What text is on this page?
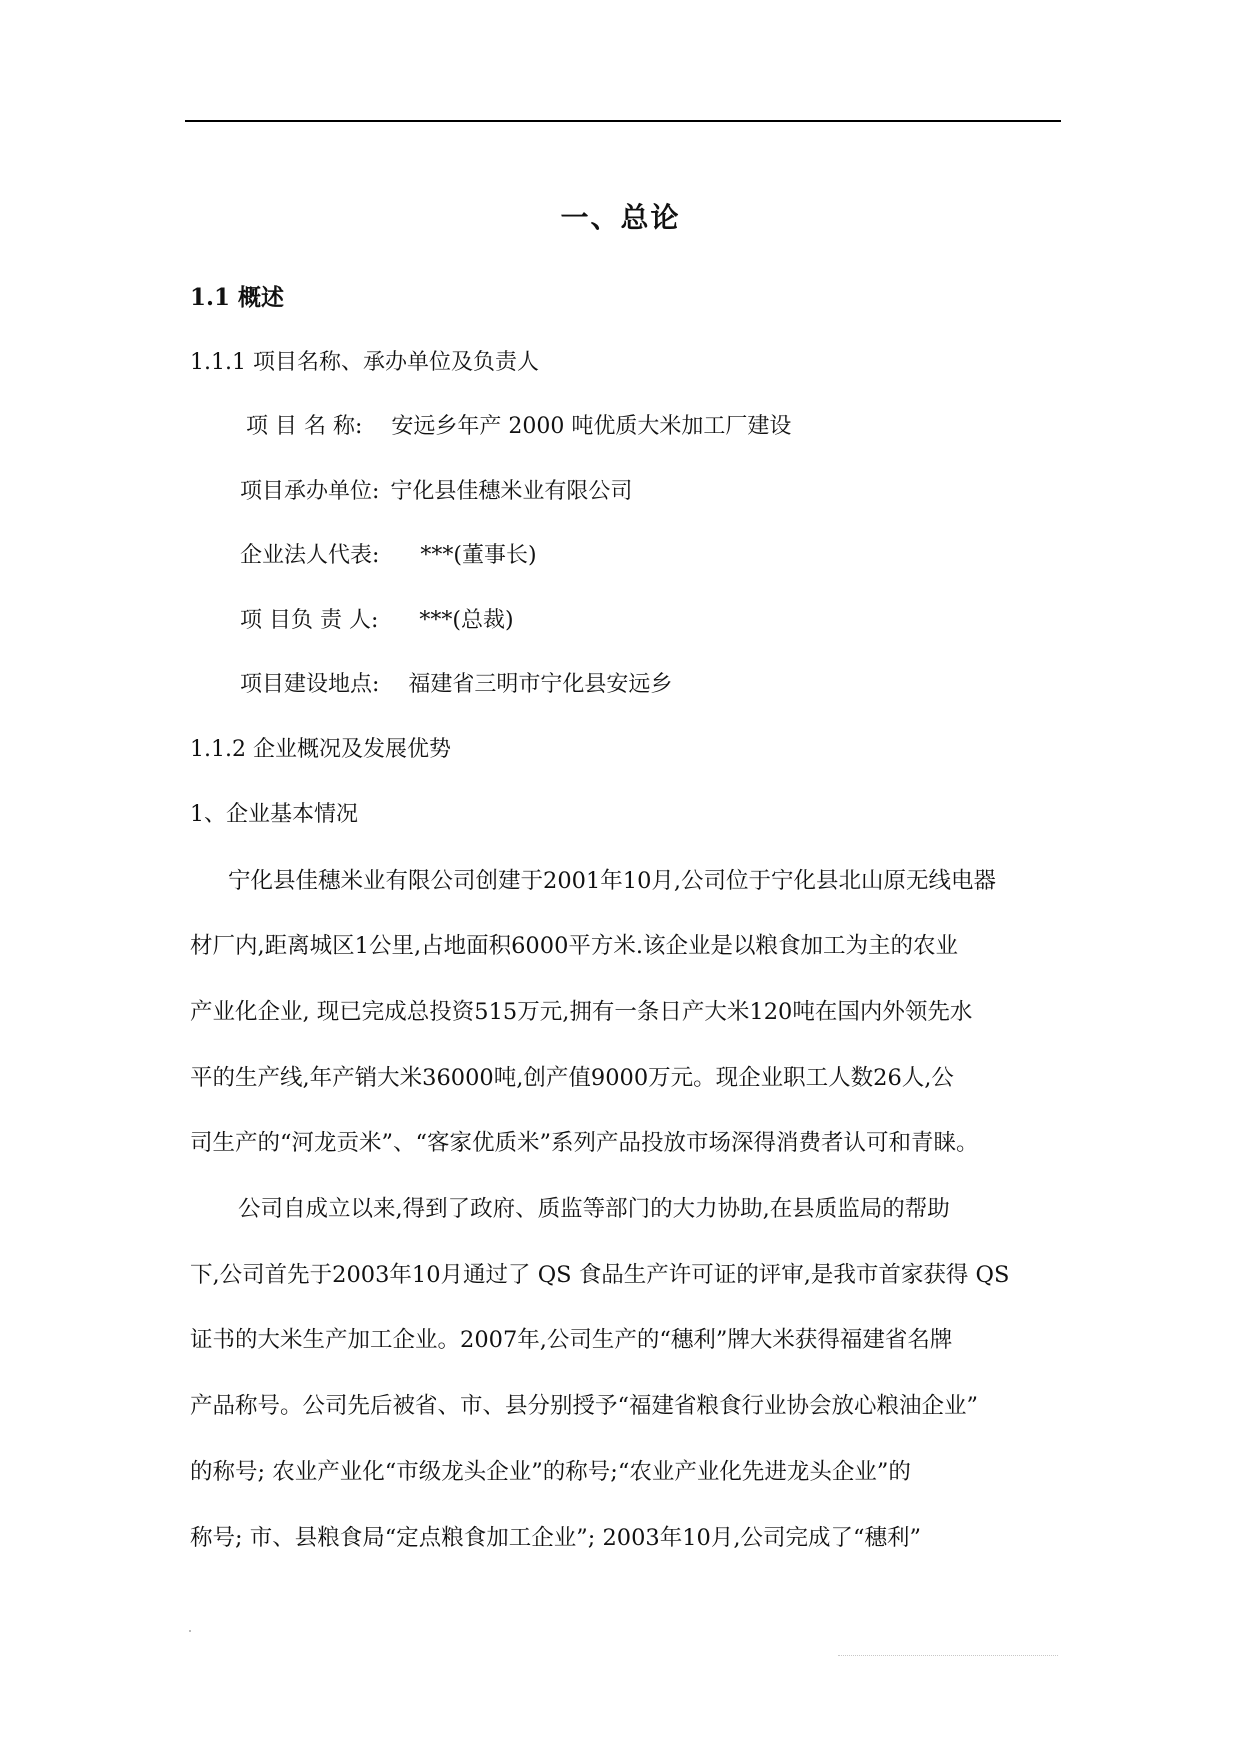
一、总论
1.1 概述
1.1.1 项目名称、承办单位及负责人
项 目 名 称: 安远乡年产 2000 吨优质大米加工厂建设
项目承办单位: 宁化县佳穗米业有限公司
企业法人代表: ***(董事长)
项 目负 责 人: ***(总裁)
项目建设地点: 福建省三明市宁化县安远乡
1.1.2 企业概况及发展优势
1、企业基本情况
宁化县佳穗米业有限公司创建于2001年10月,公司位于宁化县北山原无线电器
材厂内,距离城区1公里,占地面积6000平方米.该企业是以粮食加工为主的农业
产业化企业, 现已完成总投资515万元,拥有一条日产大米120吨在国内外领先水
平的生产线,年产销大米36000吨,创产值9000万元。现企业职工人数26人,公
司生产的“河龙贡米”、“客家优质米”系列产品投放市场深得消费者认可和青睐。
公司自成立以来,得到了政府、质监等部门的大力协助,在县质监局的帮助
下,公司首先于2003年10月通过了 QS 食品生产许可证的评审,是我市首家获得 QS
证书的大米生产加工企业。2007年,公司生产的“穗利”牌大米获得福建省名牌
产品称号。公司先后被省、市、县分别授予“福建省粮食行业协会放心粮油企业”
的称号; 农业产业化“市级龙头企业”的称号;“农业产业化先进龙头企业”的
称号; 市、县粮食局“定点粮食加工企业”; 2003年10月,公司完成了“穗利”
